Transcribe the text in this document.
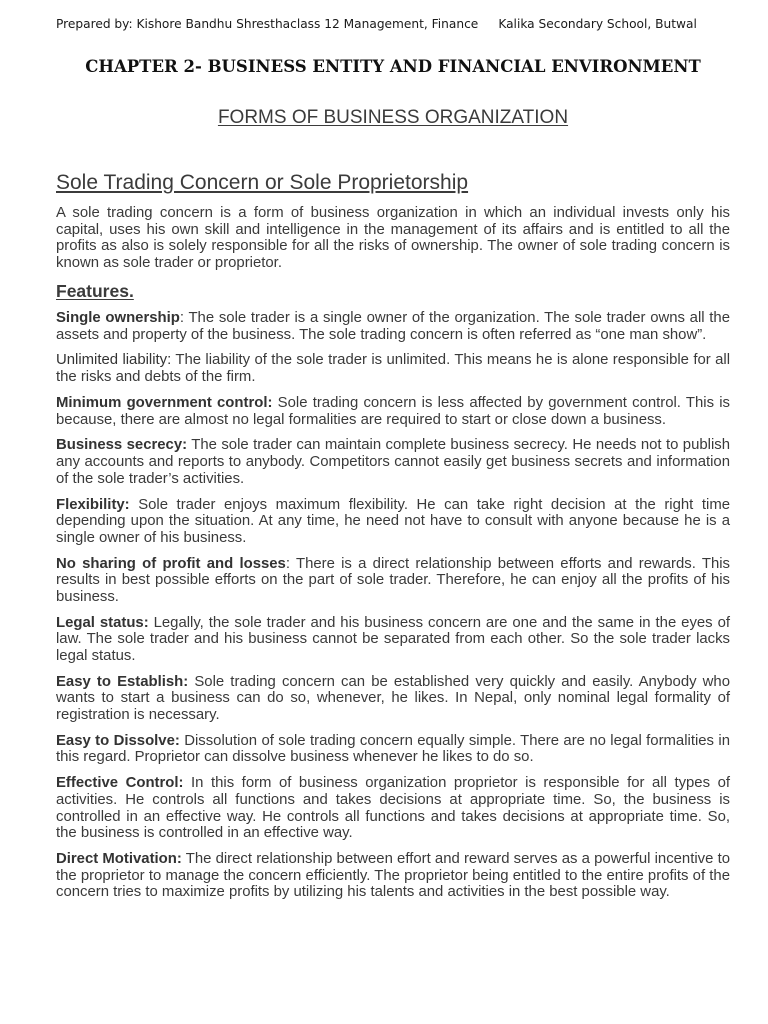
Prepared by: Kishore Bandhu Shresthaclass 12 Management, Finance Kalika Secondary School, Butwal
CHAPTER 2- BUSINESS ENTITY AND FINANCIAL ENVIRONMENT
FORMS OF BUSINESS ORGANIZATION
Sole Trading Concern or Sole Proprietorship
A sole trading concern is a form of business organization in which an individual invests only his capital, uses his own skill and intelligence in the management of its affairs and is entitled to all the profits as also is solely responsible for all the risks of ownership. The owner of sole trading concern is known as sole trader or proprietor.
Features.

Single ownership: The sole trader is a single owner of the organization. The sole trader owns all the assets and property of the business. The sole trading concern is often referred as “one man show”.

Unlimited liability: The liability of the sole trader is unlimited. This means he is alone responsible for all the risks and debts of the firm.

Minimum government control: Sole trading concern is less affected by government control. This is because, there are almost no legal formalities are required to start or close down a business.

Business secrecy: The sole trader can maintain complete business secrecy. He needs not to publish any accounts and reports to anybody. Competitors cannot easily get business secrets and information of the sole trader’s activities.

Flexibility: Sole trader enjoys maximum flexibility. He can take right decision at the right time depending upon the situation. At any time, he need not have to consult with anyone because he is a single owner of his business.

No sharing of profit and losses: There is a direct relationship between efforts and rewards. This results in best possible efforts on the part of sole trader. Therefore, he can enjoy all the profits of his business.

Legal status: Legally, the sole trader and his business concern are one and the same in the eyes of law. The sole trader and his business cannot be separated from each other. So the sole trader lacks legal status.

Easy to Establish: Sole trading concern can be established very quickly and easily. Anybody who wants to start a business can do so, whenever, he likes. In Nepal, only nominal legal formality of registration is necessary.

Easy to Dissolve: Dissolution of sole trading concern equally simple. There are no legal formalities in this regard. Proprietor can dissolve business whenever he likes to do so.

Effective Control: In this form of business organization proprietor is responsible for all types of activities. He controls all functions and takes decisions at appropriate time. So, the business is controlled in an effective way. He controls all functions and takes decisions at appropriate time. So, the business is controlled in an effective way.

Direct Motivation: The direct relationship between effort and reward serves as a powerful incentive to the proprietor to manage the concern efficiently. The proprietor being entitled to the entire profits of the concern tries to maximize profits by utilizing his talents and activities in the best possible way.
